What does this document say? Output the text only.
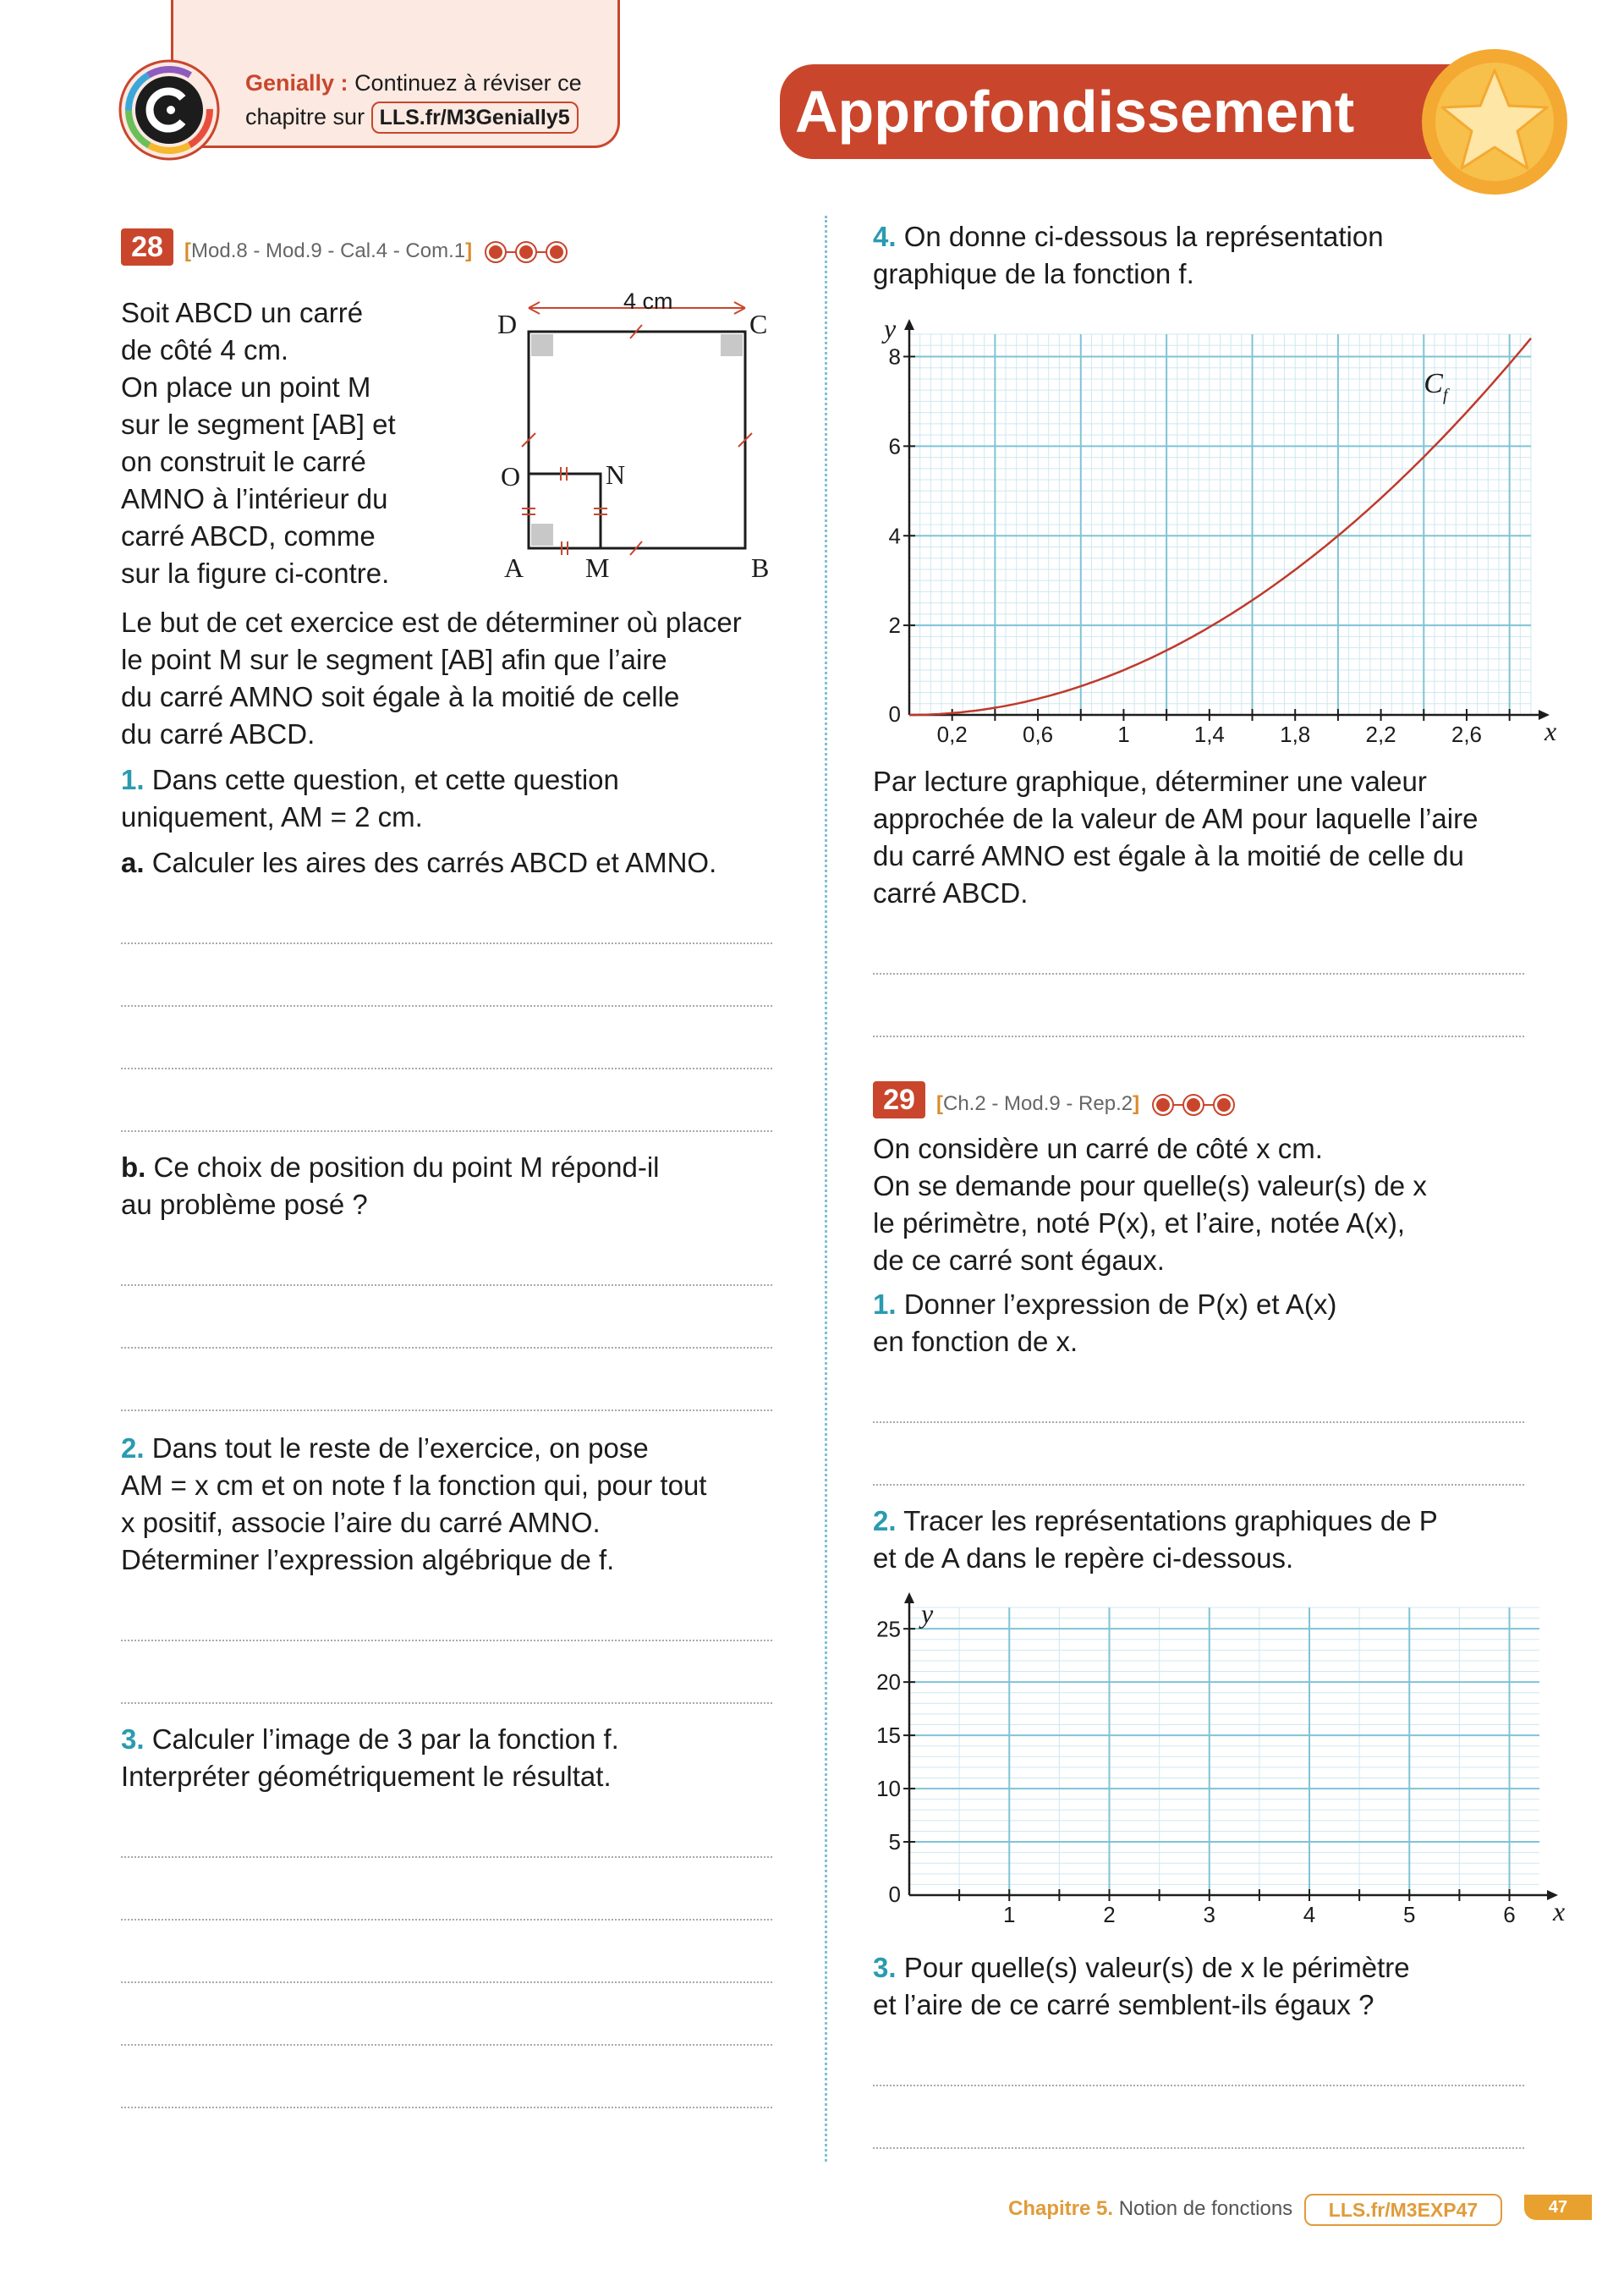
Genially : Continuez à réviser ce
chapitre sur LLS.fr/M3Genially5	Approfondissement
28	[Mod.8 - Mod.9 - Cal.4 - Com.1]
Soit ABCD un carré
de côté 4 cm.
On place un point M
sur le segment [AB] et
on construit le carré
AMNO à l’intérieur du
carré ABCD, comme
sur la figure ci-contre.
D	C
A	B
M
N
O
4 cm
Le but de cet exercice est de déterminer où placer
le point M sur le segment [AB] afin que l’aire
du carré AMNO soit égale à la moitié de celle
du carré ABCD.
1. Dans cette question, et cette question
uniquement, AM = 2 cm.
a. Calculer les aires des carrés ABCD et AMNO.
b. Ce choix de position du point M répond-il
au problème posé ?
2. Dans tout le reste de l’exercice, on pose
AM = x cm et on note f la fonction qui, pour tout
x positif, associe l’aire du carré AMNO.
Déterminer l’expression algébrique de f.
3. Calculer l’image de 3 par la fonction f.
Interpréter géométriquement le résultat.
4. On donne ci-dessous la représentation
graphique de la fonction f.
0,2	0,6	1	1,4	1,8	2,2	2,6
2
4
6
8
0
x
y
$C_f$
Par lecture graphique, déterminer une valeur
approchée de la valeur de AM pour laquelle l’aire
du carré AMNO est égale à la moitié de celle du
carré ABCD.
29	[Ch.2 - Mod.9 - Rep.2]
On considère un carré de côté x cm.
On se demande pour quelle(s) valeur(s) de x
le périmètre, noté P(x), et l’aire, notée A(x),
de ce carré sont égaux.
1. Donner l’expression de P(x) et A(x)
en fonction de x.
2. Tracer les représentations graphiques de P
et de A dans le repère ci-dessous.
1	2	3	4	5	6
5
10
15
20
25
0
x
y
3. Pour quelle(s) valeur(s) de x le périmètre
et l’aire de ce carré semblent-ils égaux ?
Chapitre 5. Notion de fonctions	LLS.fr/M3EXP47	47
